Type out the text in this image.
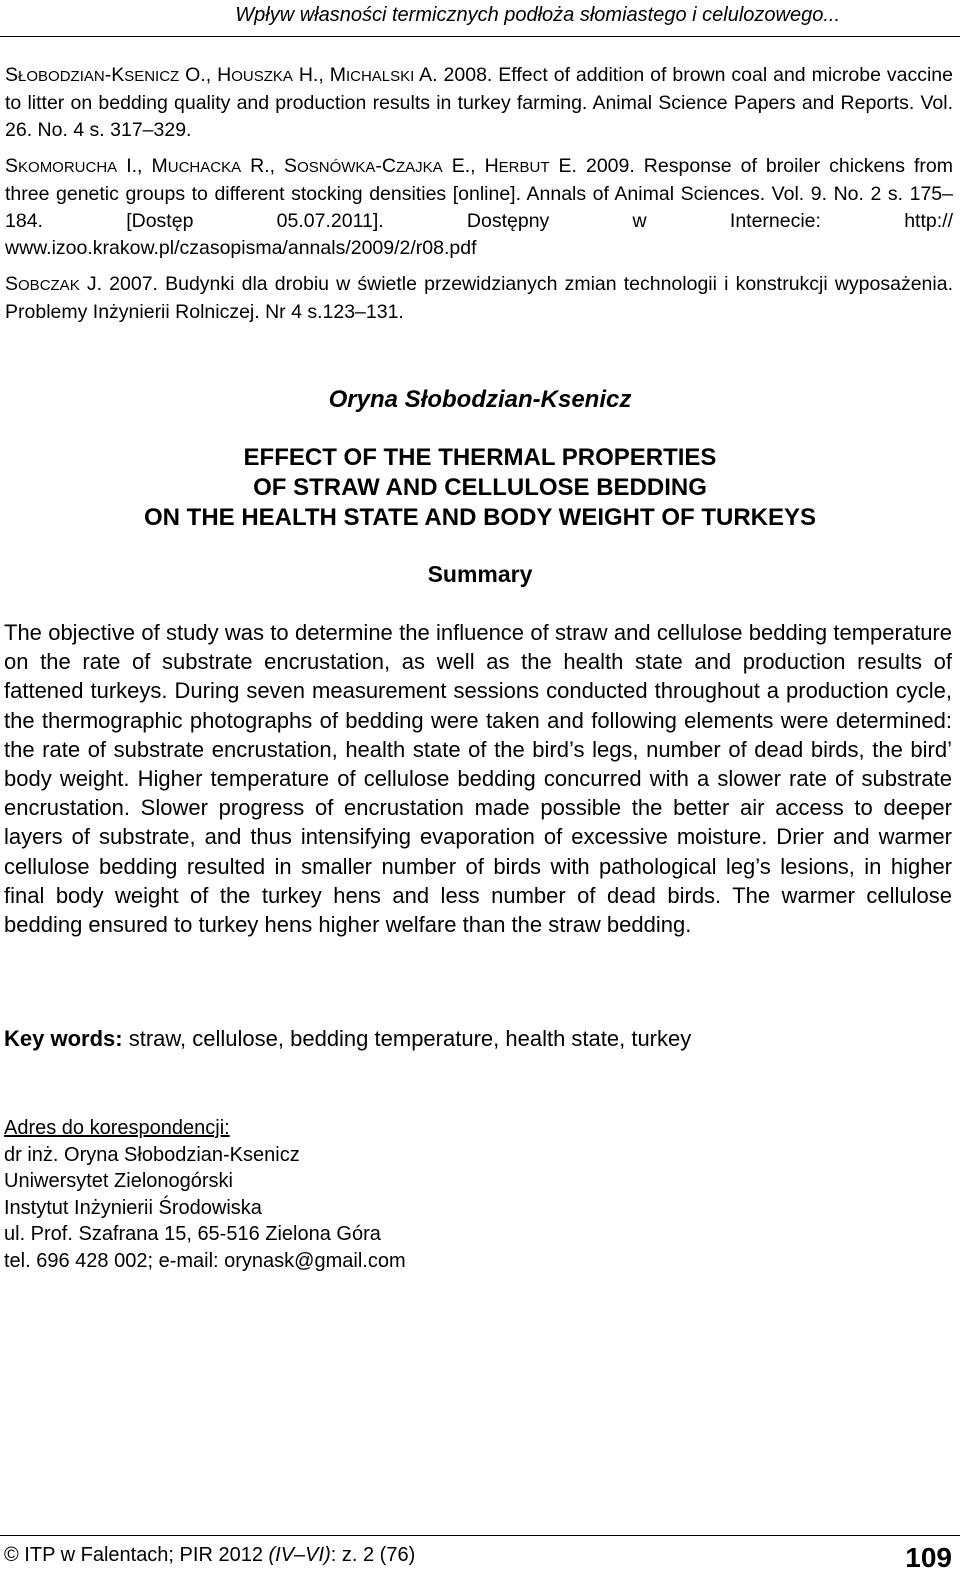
Wpływ własności termicznych podłoża słomiastego i celulozowego...

SŁOBODZIAN-KSENICZ O., HOUSZKA H., MICHALSKI A. 2008. Effect of addition of brown coal and microbe vaccine to litter on bedding quality and production results in turkey farming. Animal Science Papers and Reports. Vol. 26. No. 4 s. 317–329.

SKOMORUCHA I., MUCHACKA R., SOSNÓWKA-CZAJKA E., HERBUT E. 2009. Response of broiler chickens from three genetic groups to different stocking densities [online]. Annals of Animal Sciences. Vol. 9. No. 2 s. 175–184. [Dostęp 05.07.2011]. Dostępny w Internecie: http:// www.izoo.krakow.pl/czasopisma/annals/2009/2/r08.pdf

SOBCZAK J. 2007. Budynki dla drobiu w świetle przewidzianych zmian technologii i konstrukcji wyposażenia. Problemy Inżynierii Rolniczej. Nr 4 s.123–131.

Oryna Słobodzian-Ksenicz
EFFECT OF THE THERMAL PROPERTIES
OF STRAW AND CELLULOSE BEDDING
ON THE HEALTH STATE AND BODY WEIGHT OF TURKEYS
Summary

The objective of study was to determine the influence of straw and cellulose bedding temperature on the rate of substrate encrustation, as well as the health state and production results of fattened turkeys. During seven measurement sessions conducted throughout a production cycle, the thermographic photographs of bedding were taken and following elements were determined: the rate of substrate encrustation, health state of the bird’s legs, number of dead birds, the bird’ body weight. Higher temperature of cellulose bedding concurred with a slower rate of substrate encrustation. Slower progress of encrustation made possible the better air access to deeper layers of substrate, and thus intensifying evaporation of excessive moisture. Drier and warmer cellulose bedding resulted in smaller number of birds with pathological leg’s lesions, in higher final body weight of the turkey hens and less number of dead birds. The warmer cellulose bedding ensured to turkey hens higher welfare than the straw bedding.

Key words: straw, cellulose, bedding temperature, health state, turkey
Adres do korespondencji:
dr inż. Oryna Słobodzian-Ksenicz
Uniwersytet Zielonogórski
Instytut Inżynierii Środowiska
ul. Prof. Szafrana 15, 65-516 Zielona Góra
tel. 696 428 002; e-mail: orynask@gmail.com
© ITP w Falentach; PIR 2012 (IV–VI): z. 2 (76)	109
